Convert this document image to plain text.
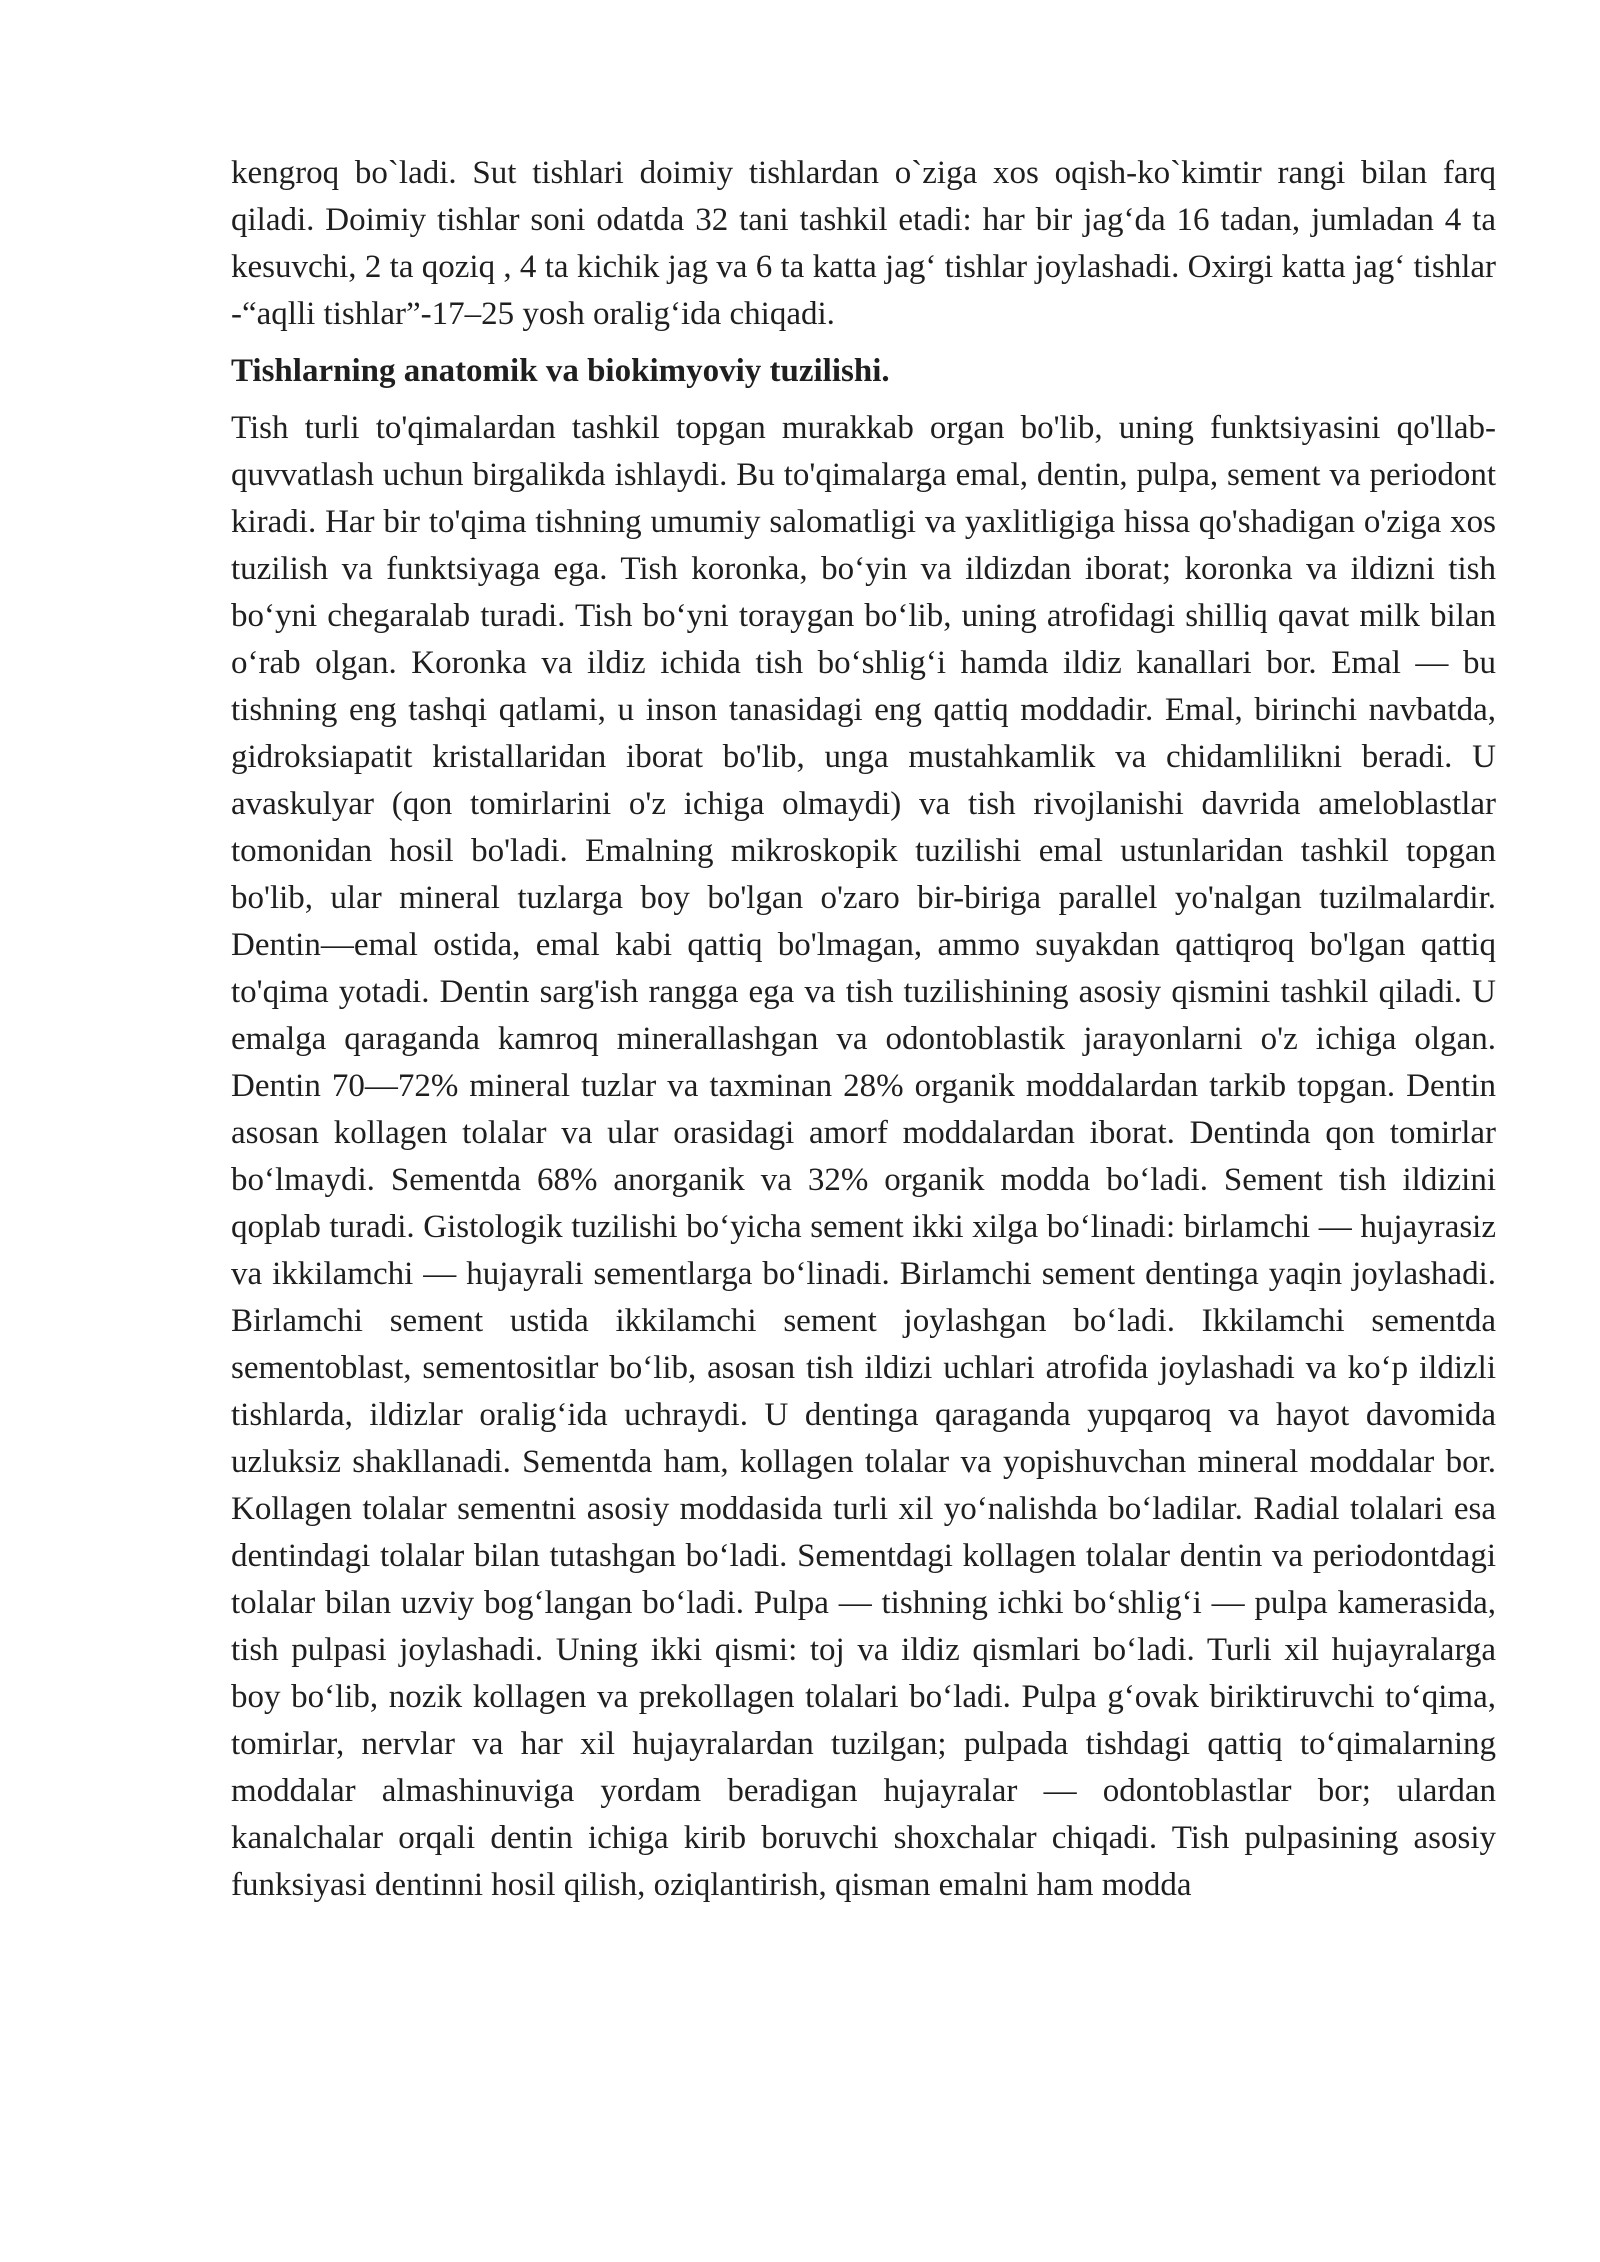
kengroq bo`ladi. Sut tishlari doimiy tishlardan o`ziga xos oqish-ko`kimtir rangi bilan farq qiladi. Doimiy tishlar soni odatda 32 tani tashkil etadi: har bir jag‘da 16 tadan, jumladan 4 ta kesuvchi, 2 ta qoziq , 4 ta kichik jag va 6 ta katta jag‘ tishlar joylashadi. Oxirgi katta jag‘ tishlar -“aqlli tishlar”-17–25 yosh oralig‘ida chiqadi.

Tishlarning anatomik va biokimyoviy tuzilishi.

Tish turli to'qimalardan tashkil topgan murakkab organ bo'lib, uning funktsiyasini qo'llab-quvvatlash uchun birgalikda ishlaydi. Bu to'qimalarga emal, dentin, pulpa, sement va periodont kiradi. Har bir to'qima tishning umumiy salomatligi va yaxlitligiga hissa qo'shadigan o'ziga xos tuzilish va funktsiyaga ega. Tish koronka, bo‘yin va ildizdan iborat; koronka va ildizni tish bo‘yni chegaralab turadi. Tish bo‘yni toraygan bo‘lib, uning atrofidagi shilliq qavat milk bilan o‘rab olgan. Koronka va ildiz ichida tish bo‘shlig‘i hamda ildiz kanallari bor. Emal — bu tishning eng tashqi qatlami, u inson tanasidagi eng qattiq moddadir. Emal, birinchi navbatda, gidroksiapatit kristallaridan iborat bo'lib, unga mustahkamlik va chidamlilikni beradi. U avaskulyar (qon tomirlarini o'z ichiga olmaydi) va tish rivojlanishi davrida ameloblastlar tomonidan hosil bo'ladi. Emalning mikroskopik tuzilishi emal ustunlaridan tashkil topgan bo'lib, ular mineral tuzlarga boy bo'lgan o'zaro bir-biriga parallel yo'nalgan tuzilmalardir. Dentin—emal ostida, emal kabi qattiq bo'lmagan, ammo suyakdan qattiqroq bo'lgan qattiq to'qima yotadi. Dentin sarg'ish rangga ega va tish tuzilishining asosiy qismini tashkil qiladi. U emalga qaraganda kamroq minerallashgan va odontoblastik jarayonlarni o'z ichiga olgan. Dentin 70—72% mineral tuzlar va taxminan 28% organik moddalardan tarkib topgan. Dentin asosan kollagen tolalar va ular orasidagi amorf moddalardan iborat. Dentinda qon tomirlar bo‘lmaydi. Sementda 68% anorganik va 32% organik modda bo‘ladi. Sement tish ildizini qoplab turadi. Gistologik tuzilishi bo‘yicha sement ikki xilga bo‘linadi: birlamchi — hujayrasiz va ikkilamchi — hujayrali sementlarga bo‘linadi. Birlamchi sement dentinga yaqin joylashadi. Birlamchi sement ustida ikkilamchi sement joylashgan bo‘ladi. Ikkilamchi sementda sementoblast, sementositlar bo‘lib, asosan tish ildizi uchlari atrofida joylashadi va ko‘p ildizli tishlarda, ildizlar oralig‘ida uchraydi. U dentinga qaraganda yupqaroq va hayot davomida uzluksiz shakllanadi. Sementda ham, kollagen tolalar va yopishuvchan mineral moddalar bor. Kollagen tolalar sementni asosiy moddasida turli xil yo‘nalishda bo‘ladilar. Radial tolalari esa dentindagi tolalar bilan tutashgan bo‘ladi. Sementdagi kollagen tolalar dentin va periodontdagi tolalar bilan uzviy bog‘langan bo‘ladi. Pulpa — tishning ichki bo‘shlig‘i — pulpa kamerasida, tish pulpasi joylashadi. Uning ikki qismi: toj va ildiz qismlari bo‘ladi. Turli xil hujayralarga boy bo‘lib, nozik kollagen va prekollagen tolalari bo‘ladi. Pulpa g‘ovak biriktiruvchi to‘qima, tomirlar, nervlar va har xil hujayralardan tuzilgan; pulpada tishdagi qattiq to‘qimalarning moddalar almashinuviga yordam beradigan hujayralar — odontoblastlar bor; ulardan kanalchalar orqali dentin ichiga kirib boruvchi shoxchalar chiqadi. Tish pulpasining asosiy funksiyasi dentinni hosil qilish, oziqlantirish, qisman emalni ham modda
